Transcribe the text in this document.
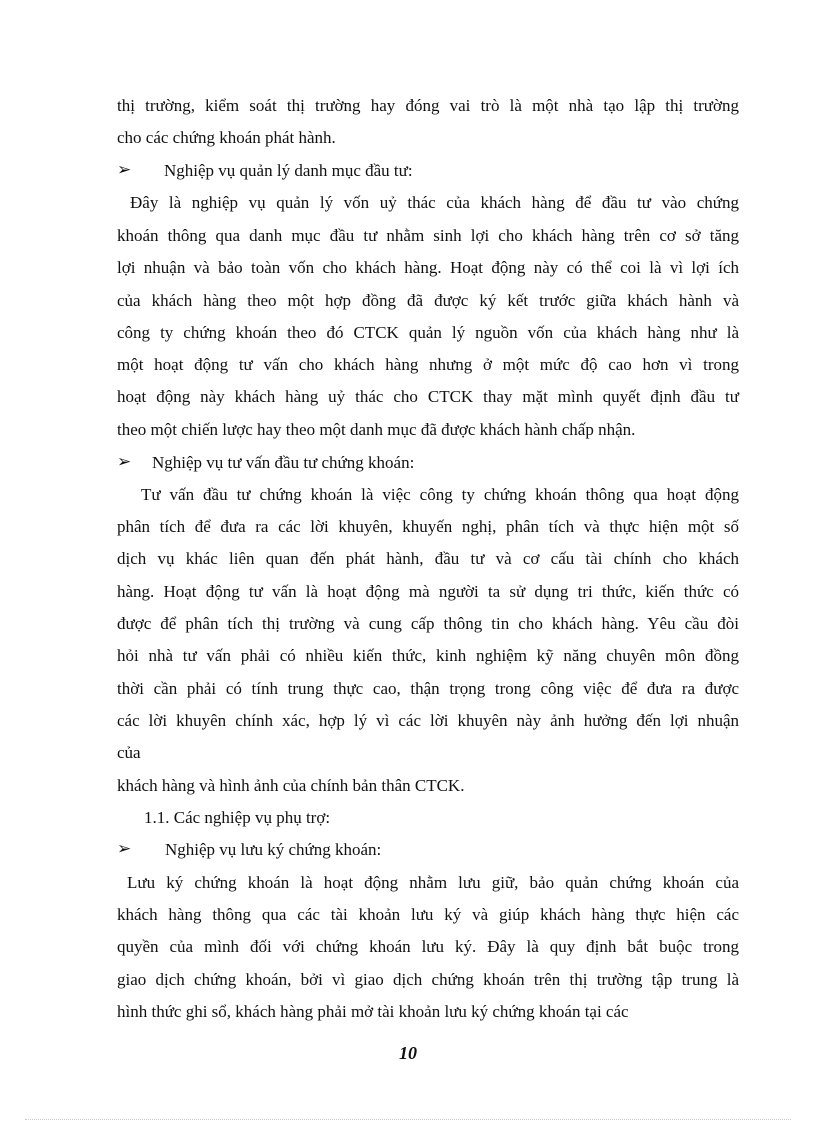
thị trường, kiểm soát thị trường hay đóng vai trò là một nhà tạo lập thị trường
cho các chứng khoán phát hành.
➢ Nghiệp vụ quản lý danh mục đầu tư:
Đây là nghiệp vụ quản lý vốn uỷ thác của khách hàng để đầu tư vào chứng
khoán thông qua danh mục đầu tư nhằm sinh lợi cho khách hàng trên cơ sở tăng
lợi nhuận và bảo toàn vốn cho khách hàng. Hoạt động này có thể coi là vì lợi ích
của khách hàng theo một hợp đồng đã được ký kết trước giữa khách hành và
công ty chứng khoán theo đó CTCK quản lý nguồn vốn của khách hàng như là
một hoạt động tư vấn cho khách hàng nhưng ở một mức độ cao hơn vì trong
hoạt động này khách hàng uỷ thác cho CTCK thay mặt mình quyết định đầu tư
theo một chiến lược hay theo một danh mục đã được khách hành chấp nhận.
➢ Nghiệp vụ tư vấn đầu tư chứng khoán:
Tư vấn đầu tư chứng khoán là việc công ty chứng khoán thông qua hoạt động
phân tích để đưa ra các lời khuyên, khuyến nghị, phân tích và thực hiện một số
dịch vụ khác liên quan đến phát hành, đầu tư và cơ cấu tài chính cho khách
hàng. Hoạt động tư vấn là hoạt động mà người ta sử dụng tri thức, kiến thức có
được để phân tích thị trường và cung cấp thông tin cho khách hàng. Yêu cầu đòi
hỏi nhà tư vấn phải có nhiều kiến thức, kinh nghiệm kỹ năng chuyên môn đồng
thời cần phải có tính trung thực cao, thận trọng trong công việc để đưa ra được
các lời khuyên chính xác, hợp lý vì các lời khuyên này ảnh hưởng đến lợi nhuận
của
khách hàng và hình ảnh của chính bản thân CTCK.
1.1. Các nghiệp vụ phụ trợ:
➢ Nghiệp vụ lưu ký chứng khoán:
Lưu ký chứng khoán là hoạt động nhằm lưu giữ, bảo quản chứng khoán của
khách hàng thông qua các tài khoản lưu ký và giúp khách hàng thực hiện các
quyền của mình đối với chứng khoán lưu ký. Đây là quy định bắt buộc trong
giao dịch chứng khoán, bởi vì giao dịch chứng khoán trên thị trường tập trung là
hình thức ghi sổ, khách hàng phải mở tài khoản lưu ký chứng khoán tại các
10
